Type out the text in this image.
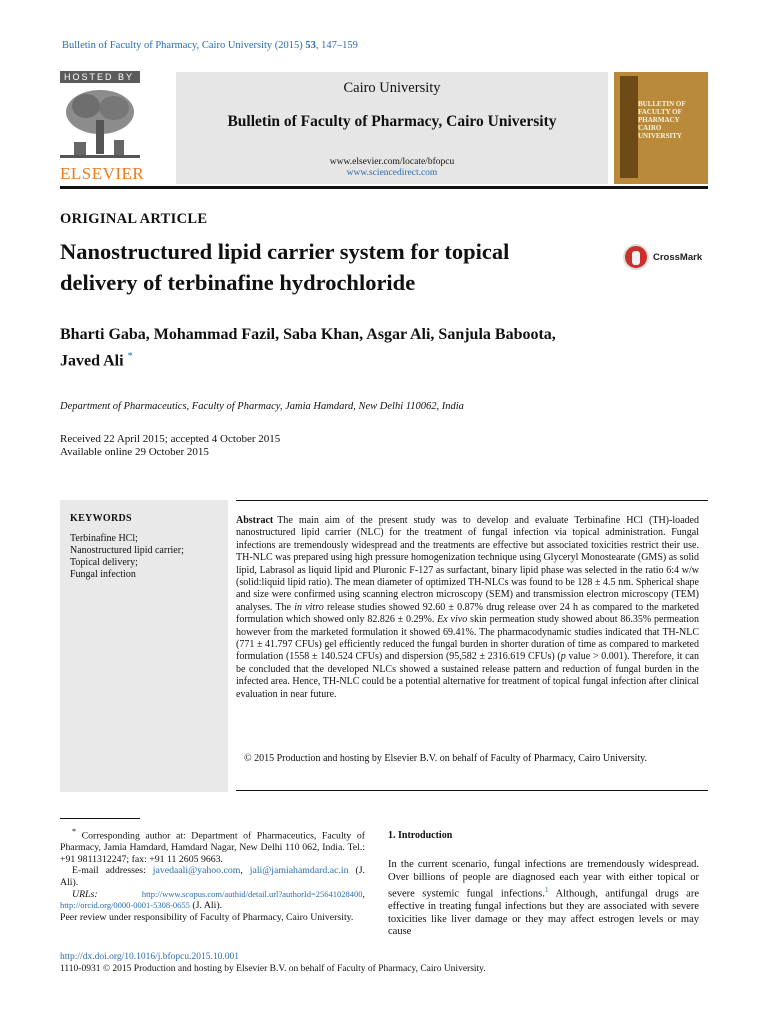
Bulletin of Faculty of Pharmacy, Cairo University (2015) 53, 147–159
HOSTED BY
ELSEVIER
Cairo University
Bulletin of Faculty of Pharmacy, Cairo University
www.elsevier.com/locate/bfopcu
www.sciencedirect.com
BULLETIN OF FACULTY OF PHARMACY CAIRO UNIVERSITY
ORIGINAL ARTICLE
Nanostructured lipid carrier system for topical
delivery of terbinafine hydrochloride
CrossMark
Bharti Gaba, Mohammad Fazil, Saba Khan, Asgar Ali, Sanjula Baboota,
Javed Ali *
Department of Pharmaceutics, Faculty of Pharmacy, Jamia Hamdard, New Delhi 110062, India
Received 22 April 2015; accepted 4 October 2015
Available online 29 October 2015
KEYWORDS
Terbinafine HCl;
Nanostructured lipid carrier;
Topical delivery;
Fungal infection
Abstract The main aim of the present study was to develop and evaluate Terbinafine HCl (TH)-loaded nanostructured lipid carrier (NLC) for the treatment of fungal infection via topical administration. Fungal infections are tremendously widespread and the treatments are effective but associated toxicities restrict their use. TH-NLC was prepared using high pressure homogenization technique using Glyceryl Monostearate (GMS) as solid lipid, Labrasol as liquid lipid and Pluronic F-127 as surfactant, binary lipid phase was selected in the ratio 6:4 w/w (solid:liquid lipid ratio). The mean diameter of optimized TH-NLCs was found to be 128 ± 4.5 nm. Spherical shape and size were confirmed using scanning electron microscopy (SEM) and transmission electron microscopy (TEM) analyses. The in vitro release studies showed 92.60 ± 0.87% drug release over 24 h as compared to the marketed formulation which showed only 82.826 ± 0.29%. Ex vivo skin permeation study showed about 86.35% permeation however from the marketed formulation it showed 69.41%. The pharmacodynamic studies indicated that TH-NLC (771 ± 41.797 CFUs) gel efficiently reduced the fungal burden in shorter duration of time as compared to marketed formulation (1558 ± 140.524 CFUs) and dispersion (95,582 ± 2316.619 CFUs) (p value > 0.001). Therefore, it can be concluded that the developed NLCs showed a sustained release pattern and reduction of fungal burden in the infected area. Hence, TH-NLC could be a potential alternative for treatment of topical fungal infection after clinical evaluation in near future.
© 2015 Production and hosting by Elsevier B.V. on behalf of Faculty of Pharmacy, Cairo University.
* Corresponding author at: Department of Pharmaceutics, Faculty of Pharmacy, Jamia Hamdard, Hamdard Nagar, New Delhi 110 062, India. Tel.: +91 9811312247; fax: +91 11 2605 9663.
E-mail addresses: javedaali@yahoo.com, jali@jamiahamdard.ac.in (J. Ali).
URLs: http://www.scopus.com/authid/detail.url?authorId=25641028400, http://orcid.org/0000-0001-5308-0655 (J. Ali).
Peer review under responsibility of Faculty of Pharmacy, Cairo University.
1. Introduction
In the current scenario, fungal infections are tremendously widespread. Over billions of people are diagnosed each year with either topical or severe systemic fungal infections.$^1$ Although, antifungal drugs are effective in treating fungal infections but they are associated with severe toxicities like liver damage or they may affect estrogen levels or may cause
http://dx.doi.org/10.1016/j.bfopcu.2015.10.001
1110-0931 © 2015 Production and hosting by Elsevier B.V. on behalf of Faculty of Pharmacy, Cairo University.
